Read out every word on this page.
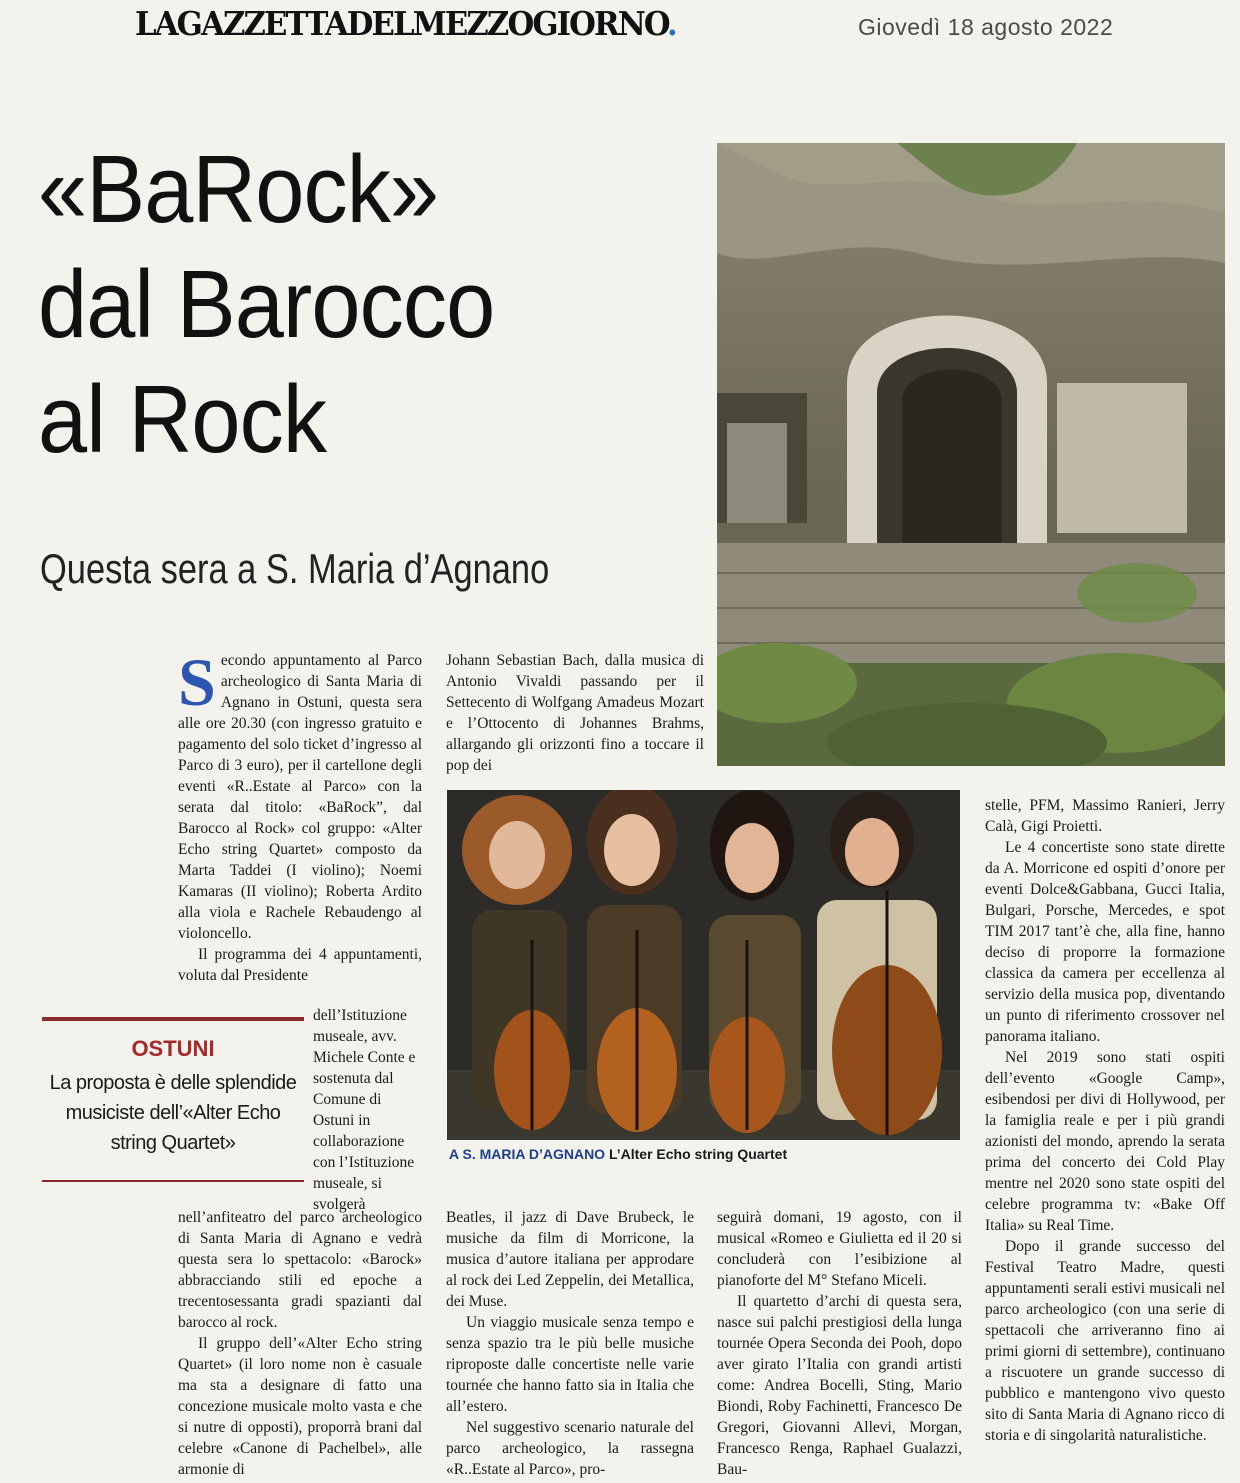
LAGAZZETTADELMEZZOGIORNO.	Giovedì 18 agosto 2022
«BaRock»
dal Barocco
al Rock
Questa sera a S. Maria d’Agnano
A S. MARIA D’AGNANO L’Alter Echo string Quartet

Secondo appuntamento al Parco archeologico di Santa Maria di Agnano in Ostuni, questa sera alle ore 20.30 (con ingresso gratuito e pagamento del solo ticket d’ingresso al Parco di 3 euro), per il cartellone degli eventi «R..Estate al Parco» con la serata dal titolo: «BaRock”, dal Barocco al Rock» col gruppo: «Alter Echo string Quartet» composto da Marta Taddei (I violino); Noemi Kamaras (II violino); Roberta Ardito alla viola e Rachele Rebaudengo al violoncello.

Il programma dei 4 appuntamenti, voluta dal Presidente

dell’Istituzione museale, avv. Michele Conte e sostenuta dal Comune di Ostuni in collaborazione con l’Istituzione museale, si svolgerà

OSTUNI
La proposta è delle splendide musiciste dell’«Alter Echo string Quartet»

nell’anfiteatro del parco archeologico di Santa Maria di Agnano e vedrà questa sera lo spettacolo: «Barock» abbracciando stili ed epoche a trecentosessanta gradi spazianti dal barocco al rock.

Il gruppo dell’«Alter Echo string Quartet» (il loro nome non è casuale ma sta a designare di fatto una concezione musicale molto vasta e che si nutre di opposti), proporrà brani dal celebre «Canone di Pachelbel», alle armonie di

Johann Sebastian Bach, dalla musica di Antonio Vivaldi passando per il Settecento di Wolfgang Amadeus Mozart e l’Ottocento di Johannes Brahms, allargando gli orizzonti fino a toccare il pop dei

Beatles, il jazz di Dave Brubeck, le musiche da film di Morricone, la musica d’autore italiana per approdare al rock dei Led Zeppelin, dei Metallica, dei Muse.

Un viaggio musicale senza tempo e senza spazio tra le più belle musiche riproposte dalle concertiste nelle varie tournée che hanno fatto sia in Italia che all’estero.

Nel suggestivo scenario naturale del parco archeologico, la rassegna «R..Estate al Parco», pro-

seguirà domani, 19 agosto, con il musical «Romeo e Giulietta ed il 20 si concluderà con l’esibizione al pianoforte del M° Stefano Miceli.

Il quartetto d’archi di questa sera, nasce sui palchi prestigiosi della lunga tournée Opera Seconda dei Pooh, dopo aver girato l’Italia con grandi artisti come: Andrea Bocelli, Sting, Mario Biondi, Roby Fachinetti, Francesco De Gregori, Giovanni Allevi, Morgan, Francesco Renga, Raphael Gualazzi, Bau-

stelle, PFM, Massimo Ranieri, Jerry Calà, Gigi Proietti.

Le 4 concertiste sono state dirette da A. Morricone ed ospiti d’onore per eventi Dolce&Gabbana, Gucci Italia, Bulgari, Porsche, Mercedes, e spot TIM 2017 tant’è che, alla fine, hanno deciso di proporre la formazione classica da camera per eccellenza al servizio della musica pop, diventando un punto di riferimento crossover nel panorama italiano.

Nel 2019 sono stati ospiti dell’evento «Google Camp», esibendosi per divi di Hollywood, per la famiglia reale e per i più grandi azionisti del mondo, aprendo la serata prima del concerto dei Cold Play mentre nel 2020 sono state ospiti del celebre programma tv: «Bake Off Italia» su Real Time.

Dopo il grande successo del Festival Teatro Madre, questi appuntamenti serali estivi musicali nel parco archeologico (con una serie di spettacoli che arriveranno fino ai primi giorni di settembre), continuano a riscuotere un grande successo di pubblico e mantengono vivo questo sito di Santa Maria di Agnano ricco di storia e di singolarità naturalistiche.
